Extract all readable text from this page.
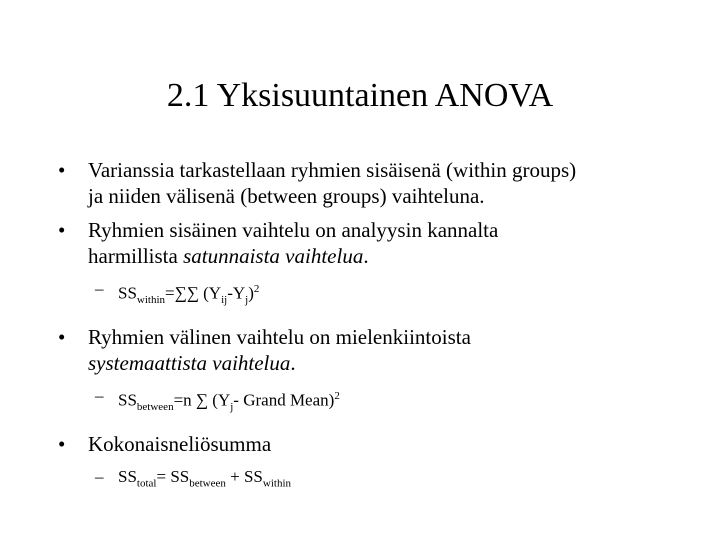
2.1 Yksisuuntainen ANOVA
•	Varianssia tarkastellaan ryhmien sisäisenä (within groups)
ja niiden välisenä (between groups) vaihteluna.
•	Ryhmien sisäinen vaihtelu on analyysin kannalta
harmillista satunnaista vaihtelua.
– $SS_{within}=\sum\sum$ $(Y_{ij}-Y_j)^2$
•	Ryhmien välinen vaihtelu on mielenkiintoista
systemaattista vaihtelua.
– $SS_{between}=n$ ∑ ($Y_j-$ Grand Mean)$^2$
•	Kokonaisneliösumma
– $SS_{total}= SS_{between} + SS_{within}$
